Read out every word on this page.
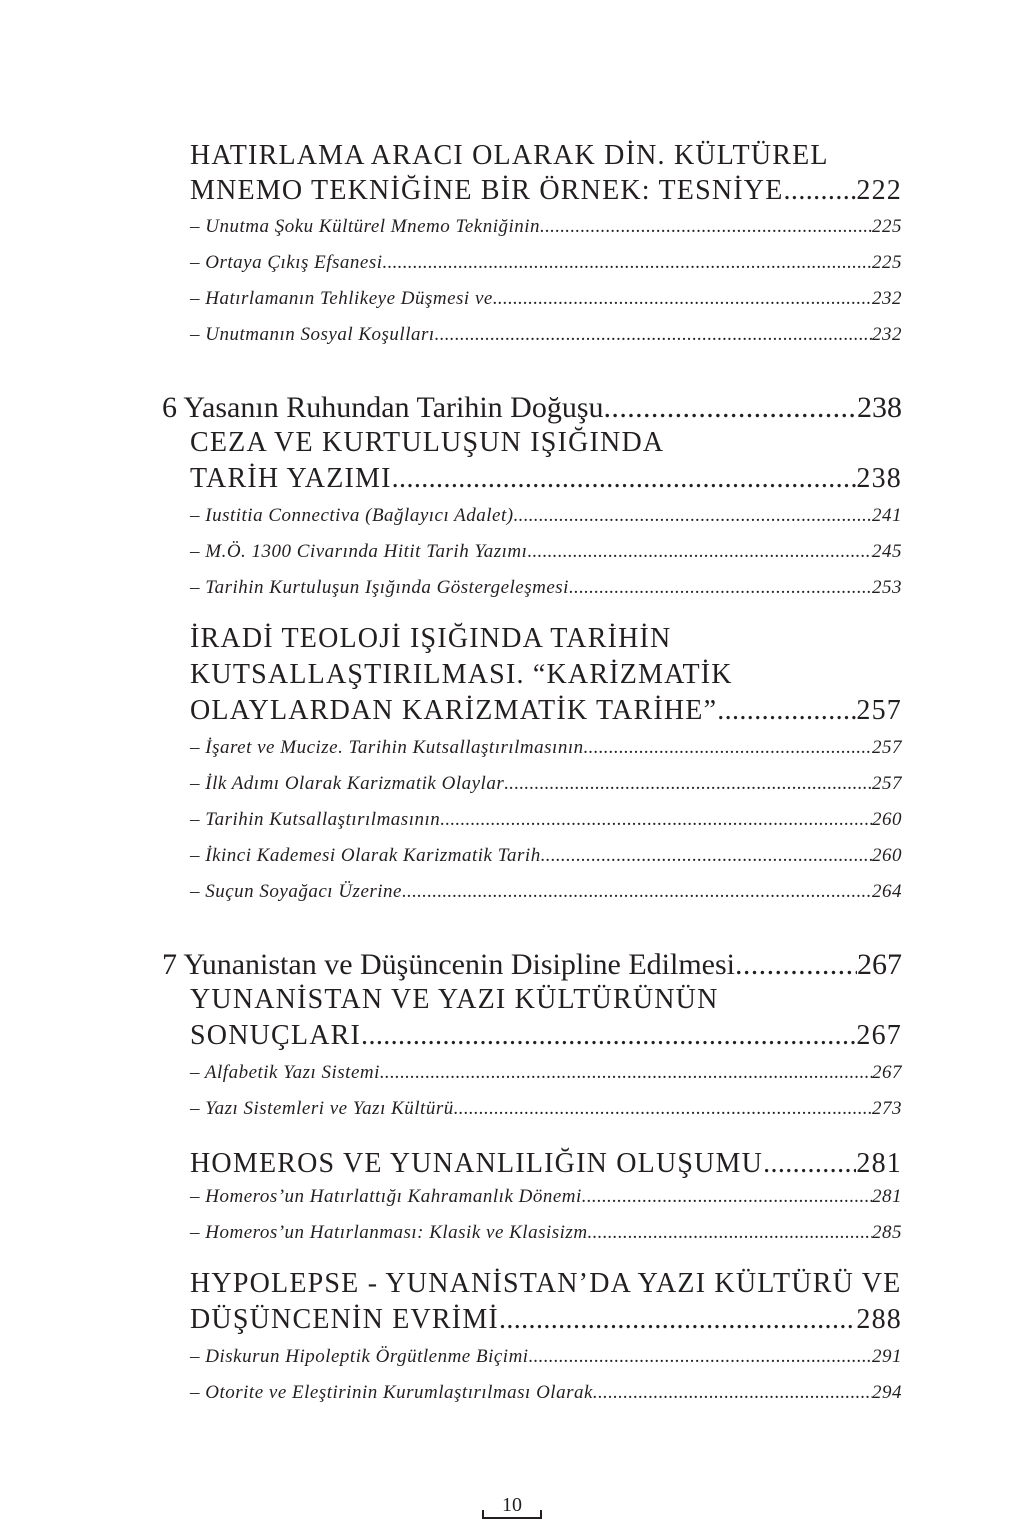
HATIRLAMA ARACI OLARAK DİN. KÜLTÜREL
MNEMO TEKNİĞİNE BİR ÖRNEK: TESNİYE .....	222
– Unutma Şoku Kültürel Mnemo Tekniğinin .....	225
– Ortaya Çıkış Efsanesi .....	225
– Hatırlamanın Tehlikeye Düşmesi ve .....	232
– Unutmanın Sosyal Koşulları .....	232
6 Yasanın Ruhundan Tarihin Doğuşu .....	238
CEZA VE KURTULUŞUN IŞIĞINDA
TARİH YAZIMI .....	238
– Iustitia Connectiva (Bağlayıcı Adalet) .....	241
– M.Ö. 1300 Civarında Hitit Tarih Yazımı .....	245
– Tarihin Kurtuluşun Işığında Göstergeleşmesi .....	253
İRADİ TEOLOJİ IŞIĞINDA TARİHİN
KUTSALLAŞTIRILMASI. “KARİZMATİK
OLAYLARDAN KARİZMATİK TARİHE” .....	257
– İşaret ve Mucize. Tarihin Kutsallaştırılmasının .....	257
– İlk Adımı Olarak Karizmatik Olaylar .....	257
– Tarihin Kutsallaştırılmasının .....	260
– İkinci Kademesi Olarak Karizmatik Tarih .....	260
– Suçun Soyağacı Üzerine .....	264
7 Yunanistan ve Düşüncenin Disipline Edilmesi .....	267
YUNANİSTAN VE YAZI KÜLTÜRÜNÜN
SONUÇLARI .....	267
– Alfabetik Yazı Sistemi .....	267
– Yazı Sistemleri ve Yazı Kültürü .....	273
HOMEROS VE YUNANLILIĞIN OLUŞUMU .....	281
– Homeros’un Hatırlattığı Kahramanlık Dönemi .....	281
– Homeros’un Hatırlanması: Klasik ve Klasisizm .....	285
HYPOLEPSE - YUNANİSTAN’DA YAZI KÜLTÜRÜ VE
DÜŞÜNCENİN EVRİMİ .....	288
– Diskurun Hipoleptik Örgütlenme Biçimi .....	291
– Otorite ve Eleştirinin Kurumlaştırılması Olarak .....	294
10
